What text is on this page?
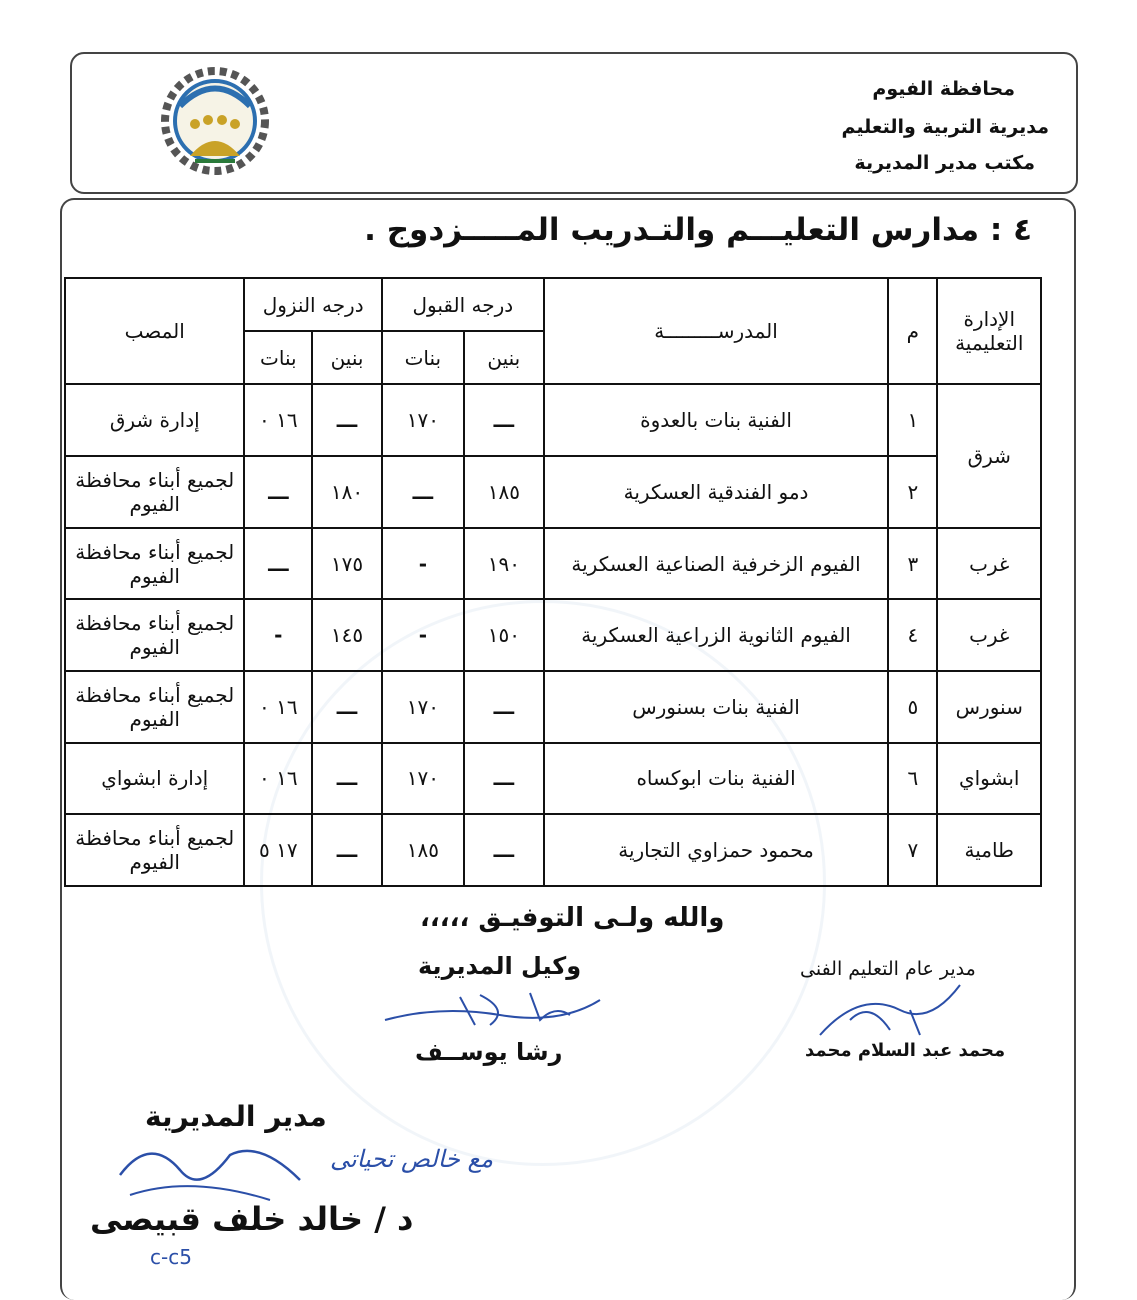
محافظة الفيوم
مديرية التربية والتعليم
مكتب مدير المديرية
٤ : مدارس التعليـــم والتـدريب المـــــزدوج .
الإدارة التعليمية	م	المدرســـــــــة	درجه القبول		درجه النزول		المصب
			بنين	بنات	بنين	بنات	
شرق	١	الفنية بنات بالعدوة	ـــ	١٧٠	ـــ	١٦ ٠	إدارة شرق
	٢	دمو الفندقية العسكرية	١٨٥	ـــ	١٨٠	ـــ	لجميع أبناء محافظة الفيوم
غرب	٣	الفيوم الزخرفية الصناعية العسكرية	١٩٠	-	١٧٥	ـــ	لجميع أبناء محافظة الفيوم
غرب	٤	الفيوم الثانوية الزراعية العسكرية	١٥٠	-	١٤٥	-	لجميع أبناء محافظة الفيوم
سنورس	٥	الفنية بنات بسنورس	ـــ	١٧٠	ـــ	١٦ ٠	لجميع أبناء محافظة الفيوم
ابشواي	٦	الفنية بنات ابوكساه	ـــ	١٧٠	ـــ	١٦ ٠	إدارة ابشواي
طامية	٧	محمود حمزاوي التجارية	ـــ	١٨٥	ـــ	١٧ ٥	لجميع أبناء محافظة الفيوم
والله ولـى التوفيـق ،،،،،
وكيل المديرية
رشا يوســف
مدير عام التعليم الفنى
محمد عبد السلام محمد
مدير المديرية
د / خالد خلف قبيصى
مع خالص تحياتى
c-c5
